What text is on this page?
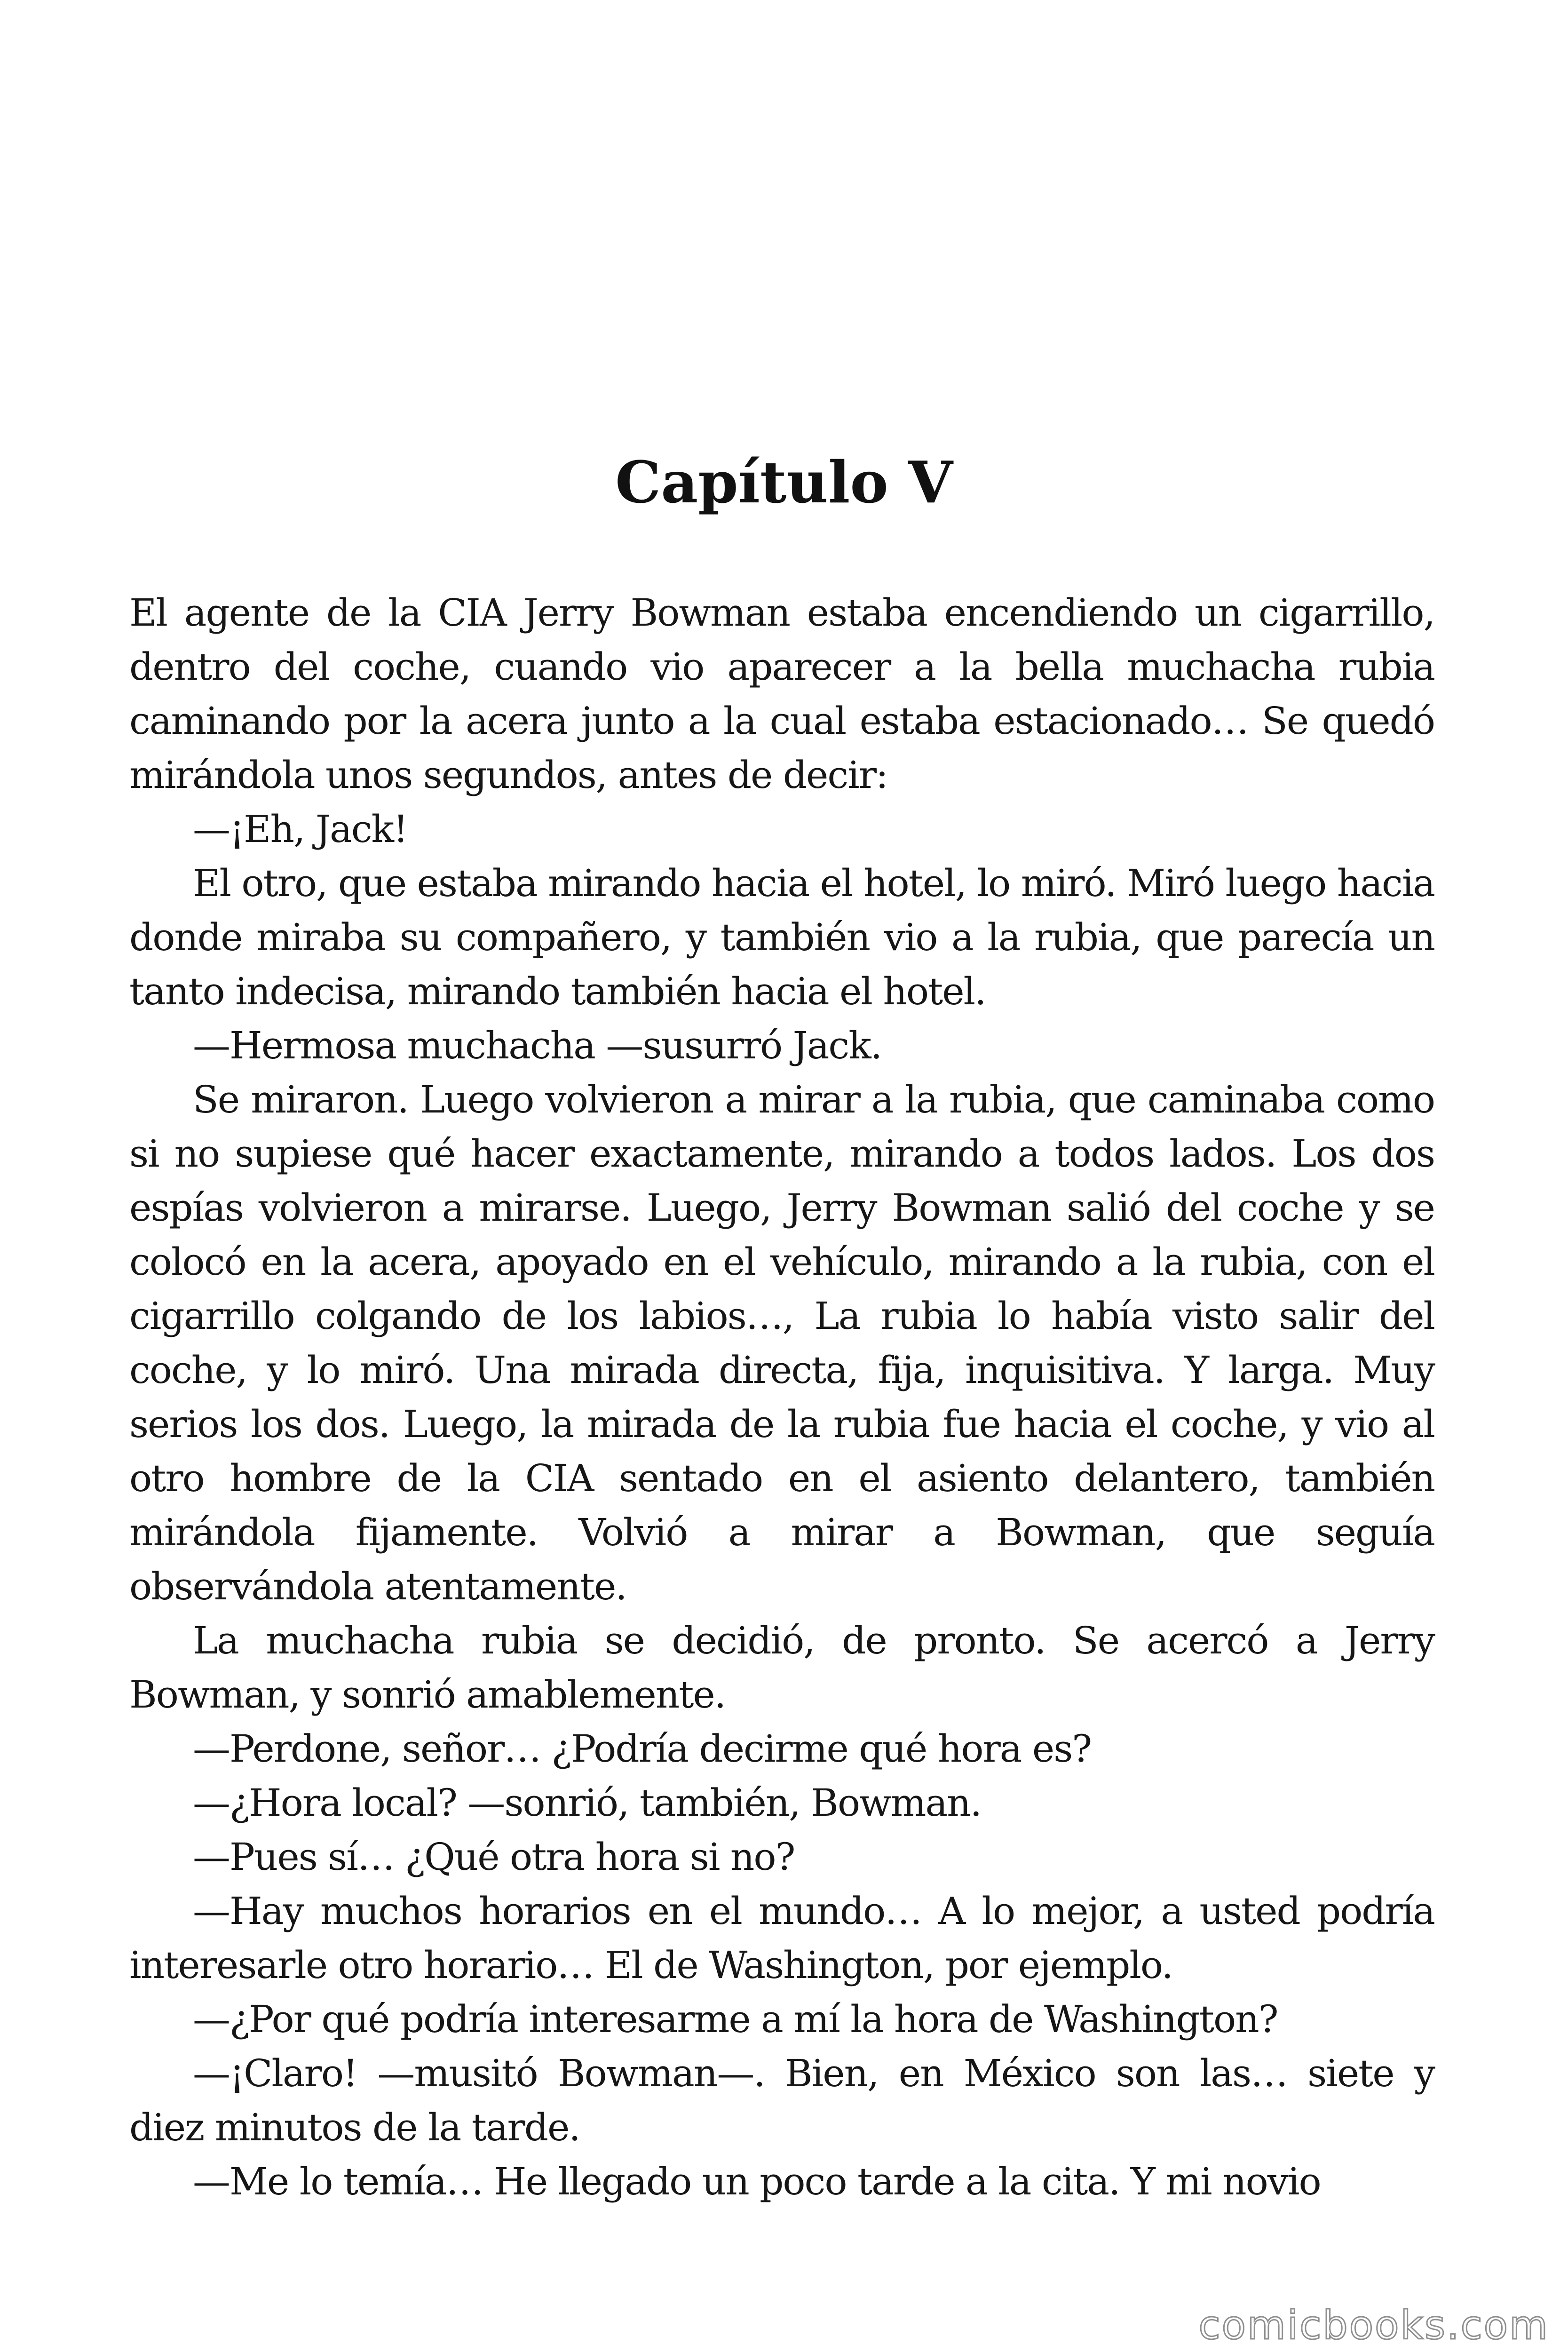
Capítulo V

El agente de la CIA Jerry Bowman estaba encendiendo un cigarrillo, dentro del coche, cuando vio aparecer a la bella muchacha rubia caminando por la acera junto a la cual estaba estacionado… Se quedó mirándola unos segundos, antes de decir:

—¡Eh, Jack!

El otro, que estaba mirando hacia el hotel, lo miró. Miró luego hacia donde miraba su compañero, y también vio a la rubia, que parecía un tanto indecisa, mirando también hacia el hotel.

—Hermosa muchacha —susurró Jack.

Se miraron. Luego volvieron a mirar a la rubia, que caminaba como si no supiese qué hacer exactamente, mirando a todos lados. Los dos espías volvieron a mirarse. Luego, Jerry Bowman salió del coche y se colocó en la acera, apoyado en el vehículo, mirando a la rubia, con el cigarrillo colgando de los labios…, La rubia lo había visto salir del coche, y lo miró. Una mirada directa, fija, inquisitiva. Y larga. Muy serios los dos. Luego, la mirada de la rubia fue hacia el coche, y vio al otro hombre de la CIA sentado en el asiento delantero, también mirándola fijamente. Volvió a mirar a Bowman, que seguía observándola atentamente.

La muchacha rubia se decidió, de pronto. Se acercó a Jerry Bowman, y sonrió amablemente.

—Perdone, señor… ¿Podría decirme qué hora es?

—¿Hora local? —sonrió, también, Bowman.

—Pues sí… ¿Qué otra hora si no?

—Hay muchos horarios en el mundo… A lo mejor, a usted podría interesarle otro horario… El de Washington, por ejemplo.

—¿Por qué podría interesarme a mí la hora de Washington?

—¡Claro! —musitó Bowman—. Bien, en México son las… siete y diez minutos de la tarde.

—Me lo temía… He llegado un poco tarde a la cita. Y mi novio

comicbooks.com
